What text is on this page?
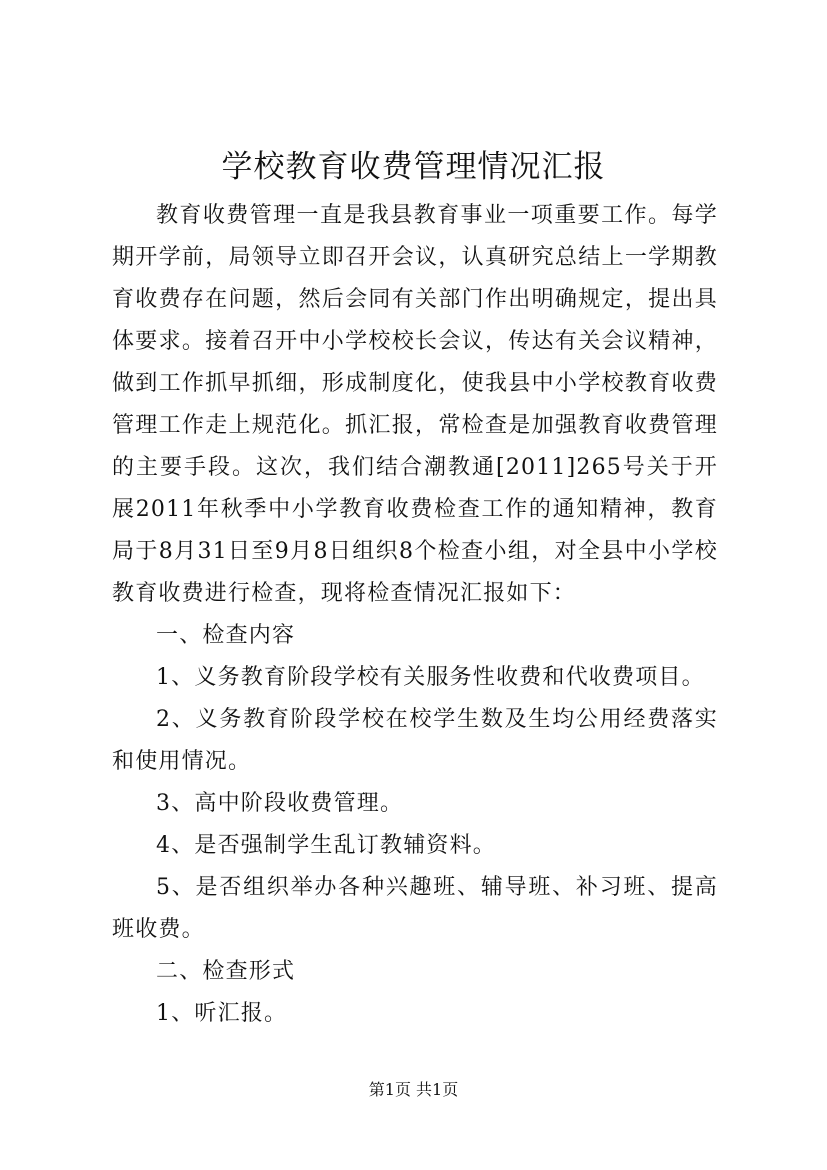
学校教育收费管理情况汇报

教育收费管理一直是我县教育事业一项重要工作。每学期开学前，局领导立即召开会议，认真研究总结上一学期教育收费存在问题，然后会同有关部门作出明确规定，提出具体要求。接着召开中小学校校长会议，传达有关会议精神，做到工作抓早抓细，形成制度化，使我县中小学校教育收费管理工作走上规范化。抓汇报，常检查是加强教育收费管理的主要手段。这次，我们结合潮教通[2011]265号关于开展2011年秋季中小学教育收费检查工作的通知精神，教育局于8月31日至9月8日组织8个检查小组，对全县中小学校教育收费进行检查，现将检查情况汇报如下：

一、检查内容

1、义务教育阶段学校有关服务性收费和代收费项目。

2、义务教育阶段学校在校学生数及生均公用经费落实和使用情况。

3、高中阶段收费管理。

4、是否强制学生乱订教辅资料。

5、是否组织举办各种兴趣班、辅导班、补习班、提高班收费。

二、检查形式

1、听汇报。

第1页 共1页
